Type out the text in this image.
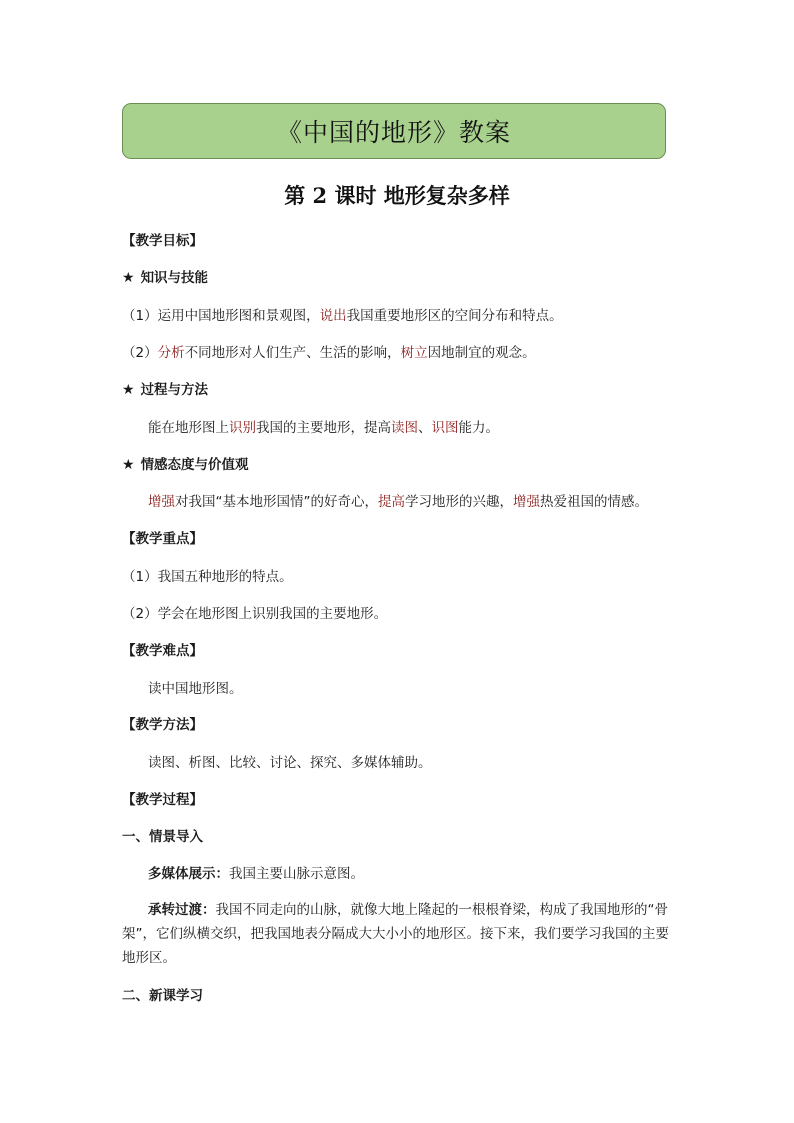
《中国的地形》教案
第 2 课时 地形复杂多样
【教学目标】
★ 知识与技能
（1）运用中国地形图和景观图，说出我国重要地形区的空间分布和特点。
（2）分析不同地形对人们生产、生活的影响，树立因地制宜的观念。
★ 过程与方法
能在地形图上识别我国的主要地形，提高读图、识图能力。
★ 情感态度与价值观
增强对我国“基本地形国情”的好奇心，提高学习地形的兴趣，增强热爱祖国的情感。
【教学重点】
（1）我国五种地形的特点。
（2）学会在地形图上识别我国的主要地形。
【教学难点】
读中国地形图。
【教学方法】
读图、析图、比较、讨论、探究、多媒体辅助。
【教学过程】
一、情景导入
多媒体展示：我国主要山脉示意图。
承转过渡：我国不同走向的山脉，就像大地上隆起的一根根脊梁，构成了我国地形的“骨架”，它们纵横交织，把我国地表分隔成大大小小的地形区。接下来，我们要学习我国的主要地形区。
二、新课学习
